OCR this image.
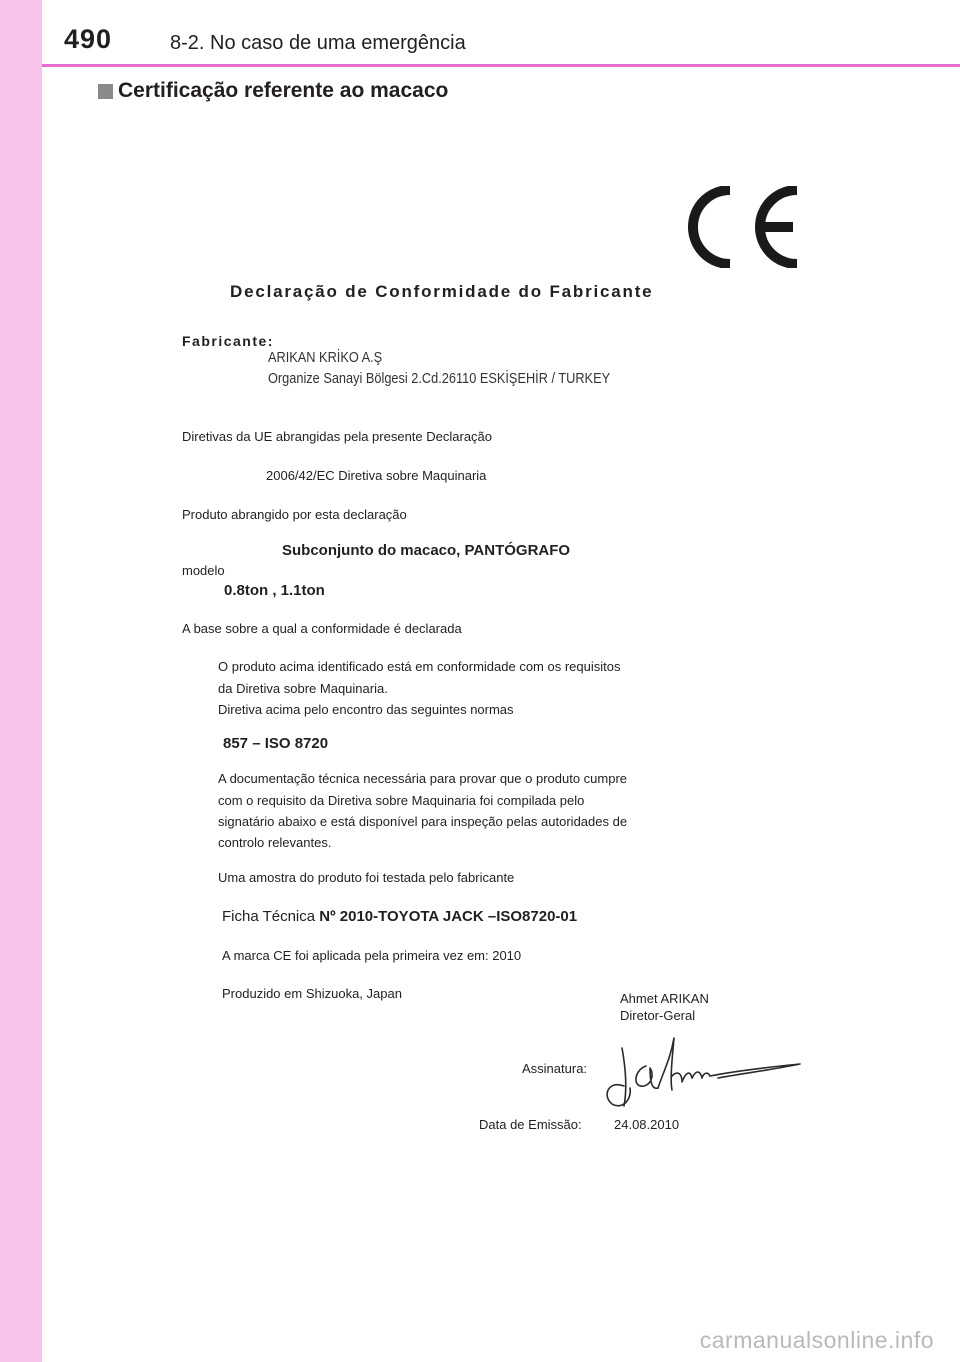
490	8-2. No caso de uma emergência
Certificação referente ao macaco
Declaração de Conformidade do Fabricante
Fabricante:
ARIKAN KRİKO A.Ş
Organize Sanayi Bölgesi 2.Cd.26110 ESKİŞEHİR / TURKEY
Diretivas da UE abrangidas pela presente Declaração
2006/42/EC Diretiva sobre Maquinaria
Produto abrangido por esta declaração
Subconjunto do macaco, PANTÓGRAFO
modelo
0.8ton , 1.1ton
A base sobre a qual a conformidade é declarada
O produto acima identificado está em conformidade com os requisitos
da Diretiva sobre Maquinaria.
Diretiva acima pelo encontro das seguintes normas
857 – ISO 8720
A documentação técnica necessária para provar que o produto cumpre
com o requisito da Diretiva sobre Maquinaria foi compilada pelo
signatário abaixo e está disponível para inspeção pelas autoridades de
controlo relevantes.
Uma amostra do produto foi testada pelo fabricante
Ficha Técnica Nº 2010-TOYOTA JACK –ISO8720-01
A marca CE foi aplicada pela primeira vez em: 2010
Produzido em Shizuoka, Japan	Ahmet ARIKAN
Diretor-Geral
Assinatura:
Data de Emissão: 24.08.2010
carmanualsonline.info
